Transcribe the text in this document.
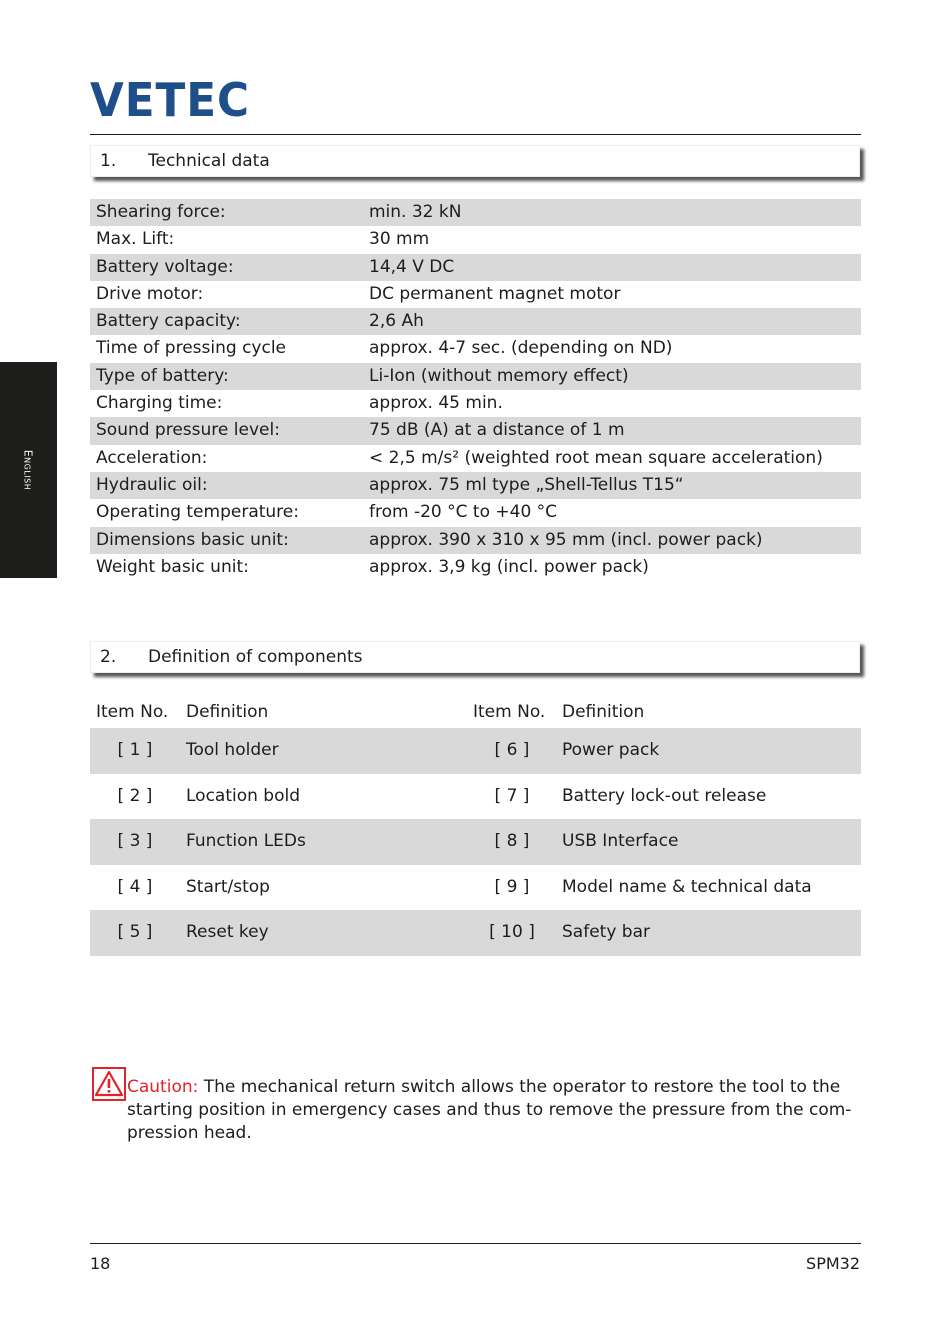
VETEC
English
1. Technical data
Shearing force:	min. 32 kN
Max. Lift:	30 mm
Battery voltage:	14,4 V DC
Drive motor:	DC permanent magnet motor
Battery capacity:	2,6 Ah
Time of pressing cycle	approx. 4-7 sec. (depending on ND)
Type of battery:	Li-Ion (without memory effect)
Charging time:	approx. 45 min.
Sound pressure level:	75 dB (A) at a distance of 1 m
Acceleration:	< 2,5 m/s² (weighted root mean square acceleration)
Hydraulic oil:	approx. 75 ml type „Shell-Tellus T15“
Operating temperature:	from -20 °C to +40 °C
Dimensions basic unit:	approx. 390 x 310 x 95 mm (incl. power pack)
Weight basic unit:	approx. 3,9 kg (incl. power pack)
2. Definition of components
Item No. Definition	Item No. Definition
[ 1 ]	Tool holder	[ 6 ]	Power pack
[ 2 ]	Location bold	[ 7 ]	Battery lock-out release
[ 3 ]	Function LEDs	[ 8 ]	USB Interface
[ 4 ]	Start/stop	[ 9 ]	Model name & technical data
[ 5 ]	Reset key	[ 10 ]	Safety bar
Caution: The mechanical return switch allows the operator to restore the tool to the
starting position in emergency cases and thus to remove the pressure from the com-
pression head.
18	SPM32
